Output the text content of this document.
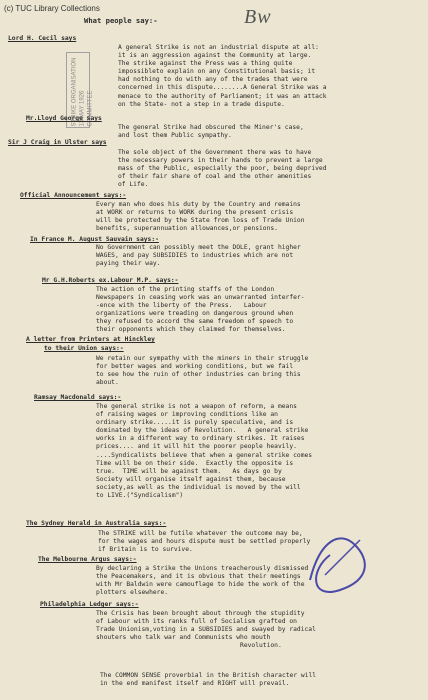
(c) TUC Library Collections	Bw
What people say:-
STRIKE ORGANISATION 13 MAY 1926 COMMITTEE
Lord H. Cecil says
A general Strike is not an industrial dispute at all:
it is an aggression against the Community at large.
The strike against the Press was a thing quite
impossibleto explain on any Constitutional basis; it
had nothing to do with any of the trades that were
concerned in this dispute........A General Strike was a
menace to the authority of Parliament; it was an attack
on the State- not a step in a trade dispute.
Mr.Lloyd George says
The general Strike had obscured the Miner's case,
and lost them Public sympathy.
Sir J Craig in Ulster says
The sole object of the Government there was to have
the necessary powers in their hands to prevent a large
mass of the Public, especially the poor, being deprived
of their fair share of coal and the other amenities
of Life.
Official Announcement says:-
Every man who does his duty by the Country and remains
at WORK or returns to WORK during the present crisis
will be protected by the State from loss of Trade Union
benefits, superannuation allowances,or pensions.
In France M. August Sauvain says:-
No Government can possibly meet the DOLE, grant higher
WAGES, and pay SUBSIDIES to industries which are not
paying their way.
Mr G.H.Roberts ex.Labour M.P. says:-
The action of the printing staffs of the London
Newspapers in ceasing work was an unwarranted interfer-
-ence with the liberty of the Press.   Labour
organizations were treading on dangerous ground when
they refused to accord the same freedom of speech to
their opponents which they claimed for themselves.
A letter from Printers at Hinckley
to their Union says:-
We retain our sympathy with the miners in their struggle
for better wages and working conditions, but we fail
to see how the ruin of other industries can bring this
about.
Ramsay Macdonald says:-
The general strike is not a weapon of reform, a means
of raising wages or improving conditions like an
ordinary strike.....it is purely speculative, and is
dominated by the ideas of Revolution.   A general strike
works in a different way to ordinary strikes. It raises
prices.... and it will hit the poorer people heavily.
....Syndicalists believe that when a general strike comes
Time will be on their side.  Exactly the opposite is
true.  TIME will be against them.   As days go by
Society will organise itself against them, because
society,as well as the individual is moved by the will
to LIVE.("Syndicalism")
The Sydney Herald in Australia says:-
The STRIKE will be futile whatever the outcome may be,
for the wages and hours dispute must be settled properly
if Britain is to survive.
The Melbourne Argus says:-
By declaring a Strike the Unions treacherously dismissed
the Peacemakers, and it is obvious that their meetings
with Mr Baldwin were camouflage to hide the work of the
plotters elsewhere.
Philadelphia Ledger says:-
The Crisis has been brought about through the stupidity
of Labour with its ranks full of Socialism grafted on
Trade Unionism,voting in a SUBSIDIES and swayed by radical
shouters who talk war and Communists who mouth
Revolution.
The COMMON SENSE proverbial in the British character will
in the end manifest itself and RIGHT will prevail.
